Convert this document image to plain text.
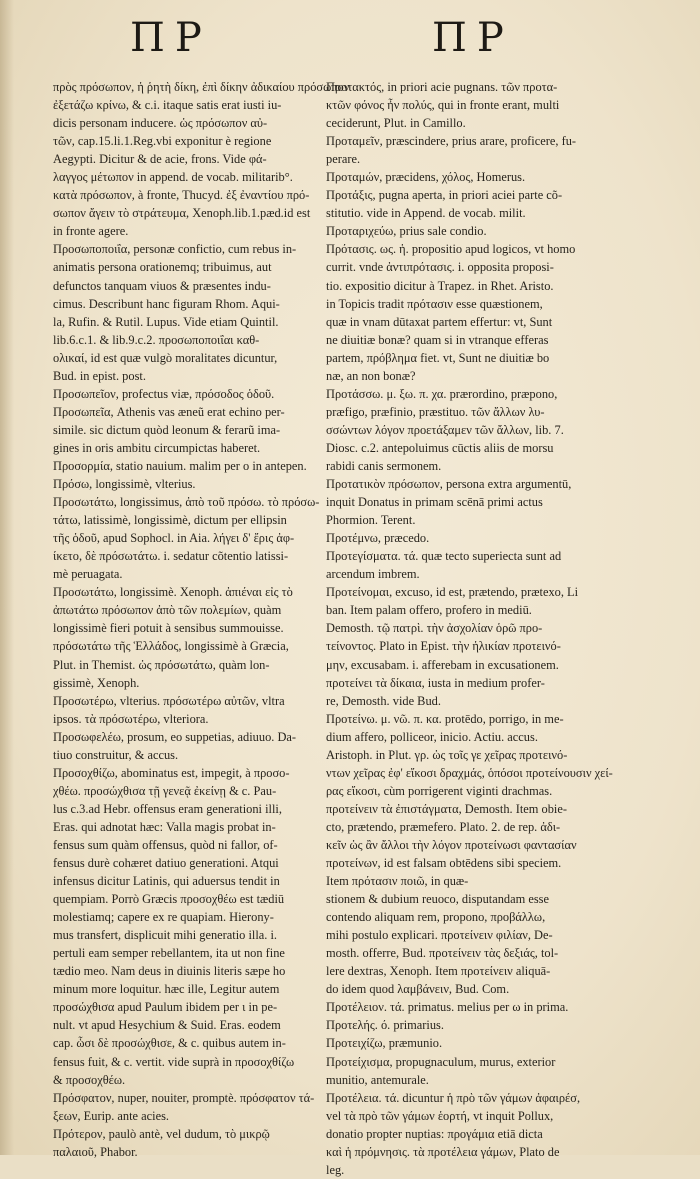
ΠΡ	ΠΡ
πρὸς πρόσωπον, ἡ ῥητὴ δίκη, ἐπὶ δίκην ἀδικαίου πρόσωπον
ἐξετάζω κρίνω, & c.i. itaque satis erat iusti iu-
dicis personam inducere. ὡς πρόσωπον αὐ-
τῶν, cap.15.li.1.Reg.vbi exponitur è regione
Aegypti. Dicitur & de acie, frons. Vide φά-
λαγγος μέτωπον in append. de vocab. militarib°.
κατὰ πρόσωπον, à fronte, Thucyd. ἐξ ἐναντίου πρό-
σωπον ἄγειν τὸ στράτευμα, Xenoph.lib.1.pæd.id est
in fronte agere.
Προσωποποιΐα, personæ confictio, cum rebus in-
animatis persona orationemq; tribuimus, aut
defunctos tanquam viuos & præsentes indu-
cimus. Describunt hanc figuram Rhom. Aqui-
la, Rufin. & Rutil. Lupus. Vide etiam Quintil.
lib.6.c.1. & lib.9.c.2. προσωποποιΐαι καθ-
ολικαί, id est quæ vulgò moralitates dicuntur,
Bud. in epist. post.
Προσωπεῖον, profectus viæ, πρόσοδος ὁδοῦ.
Προσωπεῖα, Athenis vas æneũ erat echino per-
simile. sic dictum quòd leonum & ferarũ ima-
gines in oris ambitu circumpictas haberet.
Προσορμία, statio nauium. malim per ο in antepen.
Πρόσω, longissimè, vlterius.
Προσωτάτω, longissimus, ἀπὸ τοῦ πρόσω. τὸ πρόσω-
τάτω, latissimè, longissimè, dictum per ellipsin
τῆς ὁδοῦ, apud Sophocl. in Aia. λήγει δ' ἔρις ἀφ-
ίκετο, δὲ πρόσωτάτω. i. sedatur cõtentio latissi-
mè peruagata.
Προσωτάτω, longissimè. Xenoph. ἀπιέναι εἰς τὸ
ἀπωτάτω πρόσωπον ἀπὸ τῶν πολεμίων, quàm
longissimè fieri potuit à sensibus summouisse.
πρόσωτάτω τῆς Ἑλλάδος, longissimè à Græcia,
Plut. in Themist. ὡς πρόσωτάτω, quàm lon-
gissimè, Xenoph.
Προσωτέρω, vlterius. πρόσωτέρω αὐτῶν, vltra
ipsos. τὰ πρόσωτέρω, vlteriora.
Προσωφελέω, prosum, eo suppetias, adiuuo. Da-
tiuo construitur, & accus.
Προσοχθίζω, abominatus est, impegit, à προσο-
χθέω. προσώχθισα τῇ γενεᾷ ἐκείνῃ & c. Pau-
lus c.3.ad Hebr. offensus eram generationi illi,
Eras. qui adnotat hæc: Valla magis probat in-
fensus sum quàm offensus, quòd ni fallor, of-
fensus durè cohæret datiuo generationi. Atqui
infensus dicitur Latinis, qui aduersus tendit in
quempiam. Porrò Græcis προσοχθέω est tædiū
molestiamq; capere ex re quapiam. Hierony-
mus transfert, displicuit mihi generatio illa. i.
pertuli eam semper rebellantem, ita ut non fine
tædio meo. Nam deus in diuinis literis sæpe ho
minum more loquitur. hæc ille, Legitur autem
προσώχθισα apud Paulum ibidem per ι in pe-
nult. vt apud Hesychium & Suid. Eras. eodem
cap. ὧσι δὲ προσώχθισε, & c. quibus autem in-
fensus fuit, & c. vertit. vide suprà in προσοχθίζω
& προσοχθέω.
Πρόσφατον, nuper, nouiter, promptè. πρόσφατον τά-
ξεων, Eurip. ante acies.
Πρότερον, paulò antè, vel dudum, τὸ μικρῷ
παλαιοῦ, Phabor.
Προτακτός, in priori acie pugnans. τῶν προτα-
κτῶν φόνος ἦν πολύς, qui in fronte erant, multi
ceciderunt, Plut. in Camillo.
Προταμεῖν, præscindere, prius arare, proficere, fu-
perare.
Προταμών, præcidens, χόλος, Homerus.
Προτάξις, pugna aperta, in priori aciei parte cõ-
stitutio. vide in Append. de vocab. milit.
Προταριχεύω, prius sale condio.
Πρότασις. ως. ἡ. propositio apud logicos, vt homo
currit. vnde ἀντιπρότασις. i. opposita proposi-
tio. expositio dicitur à Trapez. in Rhet. Aristo.
in Topicis tradit πρότασιν esse quæstionem,
quæ in vnam dūtaxat partem effertur: vt, Sunt
ne diuitiæ bonæ? quam si in vtranque efferas
partem, πρόβλημα fiet. vt, Sunt ne diuitiæ bo
næ, an non bonæ?
Προτάσσω. μ. ξω. π. χα. prærordino, præpono,
præfigo, præfinio, præstituo. τῶν ἄλλων λυ-
σσώντων λόγον προετάξαμεν τῶν ἄλλων, lib. 7.
Diosc. c.2. antepoluimus cūctis aliis de morsu
rabidi canis sermonem.
Προτατικὸν πρόσωπον, persona extra argumentū,
inquit Donatus in primam scēnā primi actus
Phormion. Terent.
Προτέμνω, præcedo.
Προτεγίσματα. τά. quæ tecto superiecta sunt ad
arcendum imbrem.
Προτείνομαι, excuso, id est, prætendo, prætexo, Li
ban. Item palam offero, profero in mediū.
Demosth. τῷ πατρὶ. τὴν ἀσχολίαν ὁρῶ προ-
τείνοντος. Plato in Epist. τὴν ἡλικίαν προτεινό-
μην, excusabam. i. afferebam in excusationem.
προτείνει τὰ δίκαια, iusta in medium profer-
re, Demosth. vide Bud.
Προτείνω. μ. νῶ. π. κα. protēdo, porrigo, in me-
dium affero, polliceor, inicio. Actiu. accus.
Aristoph. in Plut. γρ. ὡς τοῖς γε χεῖρας προτεινό-
ντων χεῖρας ἐφ' εἴκοσι δραχμάς, ὁπόσοι προτείνουσιν χεί-
ρας εἴκοσι, cùm porrigerent viginti drachmas.
προτείνειν τὰ ἐπιστάγματα, Demosth. Item obie-
cto, prætendo, præmefero. Plato. 2. de rep. ἀδι-
κεῖν ὡς ἂν ἄλλοι τὴν λόγον προτείνωσι φαντασίαν
προτείνων, id est falsam obtēdens sibi speciem.
Item πρότασιν ποιῶ, in quæ-
stionem & dubium reuoco, disputandam esse
contendo aliquam rem, propono, προβάλλω,
mihi postulo explicari. προτείνειν φιλίαν, De-
mosth. offerre, Bud. προτείνειν τὰς δεξιάς, tol-
lere dextras, Xenoph. Item προτείνειν aliquā-
do idem quod λαμβάνειν, Bud. Com.
Προτέλειον. τά. primatus. melius per ω in prima.
Προτελής. ό. primarius.
Προτειχίζω, præmunio.
Προτείχισμα, propugnaculum, murus, exterior
munitio, antemurale.
Προτέλεια. τά. dicuntur ἡ πρὸ τῶν γάμων ἀφαιρέσ,
vel τὰ πρὸ τῶν γάμων ἑορτή, vt inquit Pollux,
donatio propter nuptias: προγάμια etiā dicta
καὶ ἡ πρόμνησις. τὰ προτέλεια γάμων, Plato de
leg.
